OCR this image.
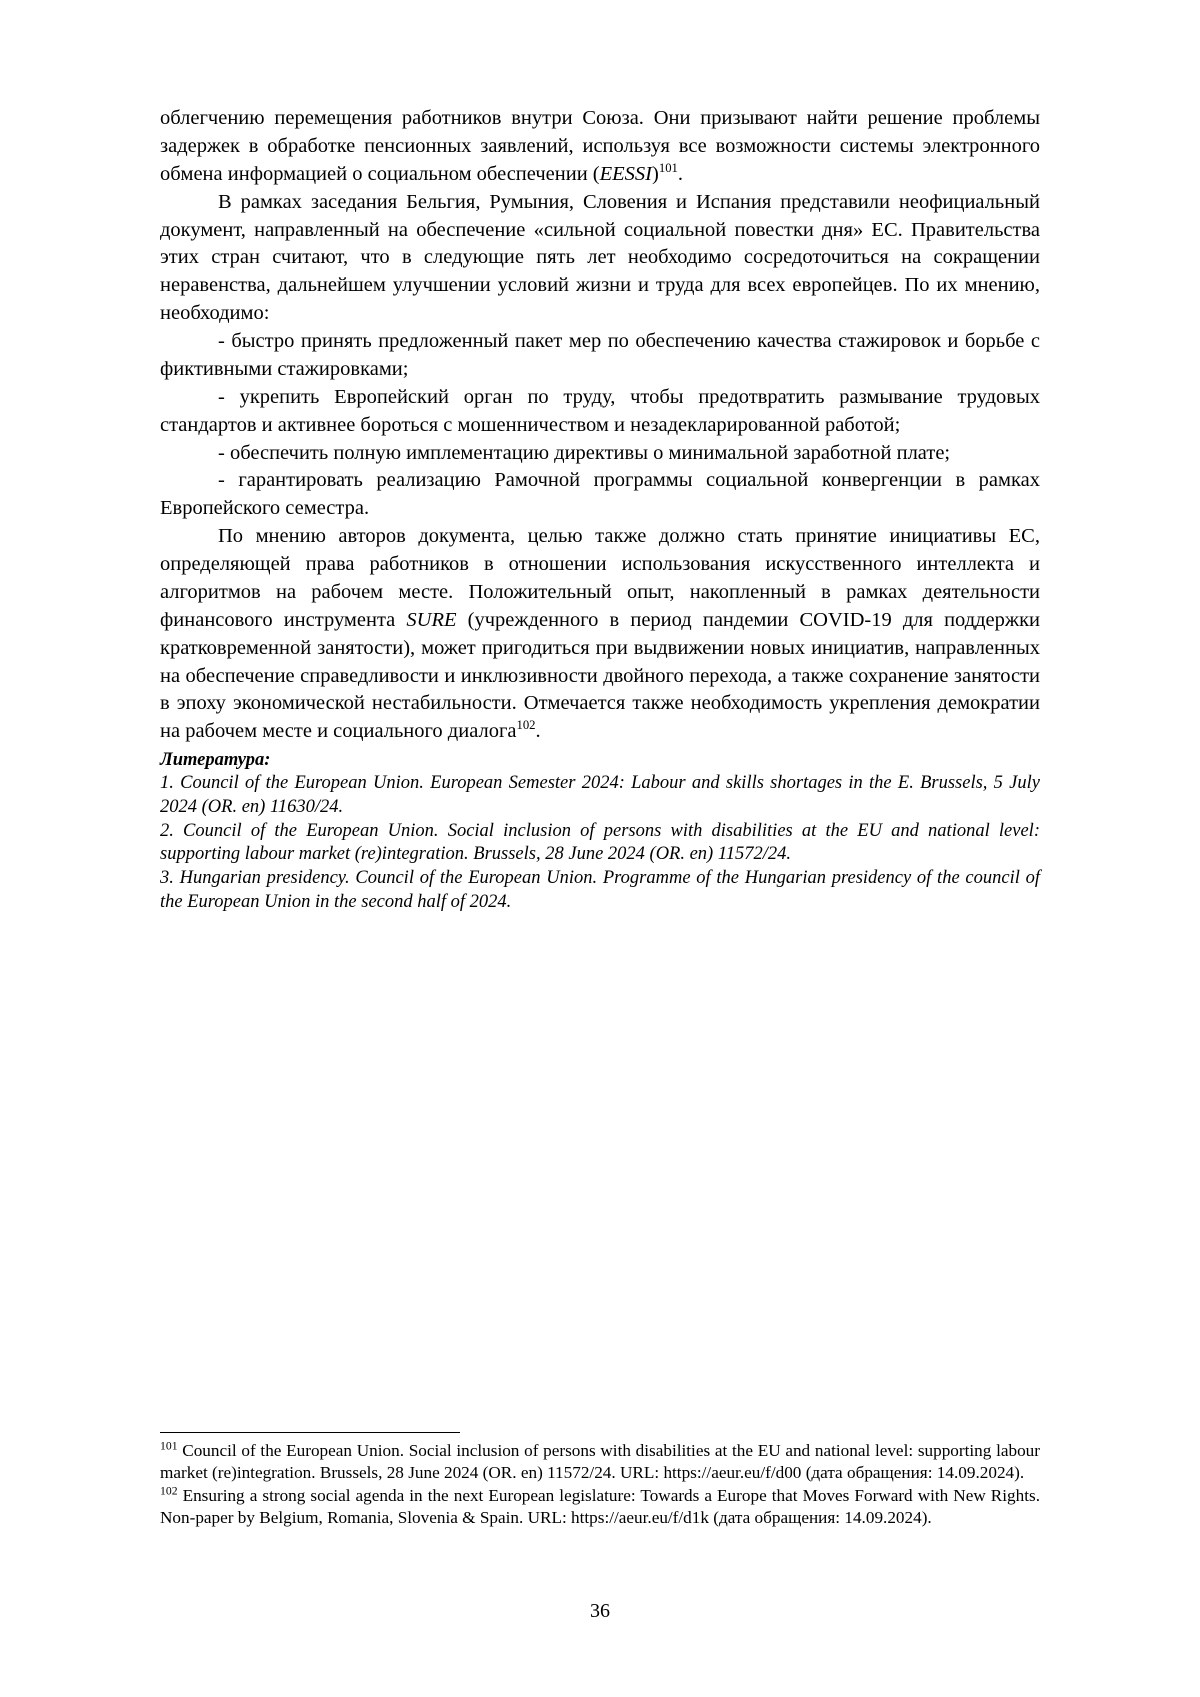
облегчению перемещения работников внутри Союза. Они призывают найти решение проблемы задержек в обработке пенсионных заявлений, используя все возможности системы электронного обмена информацией о социальном обеспечении (EESSI)$^{101}$.

В рамках заседания Бельгия, Румыния, Словения и Испания представили неофициальный документ, направленный на обеспечение «сильной социальной повестки дня» ЕС. Правительства этих стран считают, что в следующие пять лет необходимо сосредоточиться на сокращении неравенства, дальнейшем улучшении условий жизни и труда для всех европейцев. По их мнению, необходимо:

- быстро принять предложенный пакет мер по обеспечению качества стажировок и борьбе с фиктивными стажировками;

- укрепить Европейский орган по труду, чтобы предотвратить размывание трудовых стандартов и активнее бороться с мошенничеством и незадекларированной работой;

- обеспечить полную имплементацию директивы о минимальной заработной плате;

- гарантировать реализацию Рамочной программы социальной конвергенции в рамках Европейского семестра.

По мнению авторов документа, целью также должно стать принятие инициативы ЕС, определяющей права работников в отношении использования искусственного интеллекта и алгоритмов на рабочем месте. Положительный опыт, накопленный в рамках деятельности финансового инструмента SURE (учрежденного в период пандемии COVID-19 для поддержки кратковременной занятости), может пригодиться при выдвижении новых инициатив, направленных на обеспечение справедливости и инклюзивности двойного перехода, а также сохранение занятости в эпоху экономической нестабильности. Отмечается также необходимость укрепления демократии на рабочем месте и социального диалога$^{102}$.

Литература:

1. Council of the European Union. European Semester 2024: Labour and skills shortages in the E. Brussels, 5 July 2024 (OR. en) 11630/24.

2. Council of the European Union. Social inclusion of persons with disabilities at the EU and national level: supporting labour market (re)integration. Brussels, 28 June 2024 (OR. en) 11572/24.

3. Hungarian presidency. Council of the European Union. Programme of the Hungarian presidency of the council of the European Union in the second half of 2024.

$^{101}$ Council of the European Union. Social inclusion of persons with disabilities at the EU and national level: supporting labour market (re)integration. Brussels, 28 June 2024 (OR. en) 11572/24. URL: https://aeur.eu/f/d00 (дата обращения: 14.09.2024).

$^{102}$ Ensuring a strong social agenda in the next European legislature: Towards a Europe that Moves Forward with New Rights. Non-paper by Belgium, Romania, Slovenia & Spain. URL: https://aeur.eu/f/d1k (дата обращения: 14.09.2024).

36
